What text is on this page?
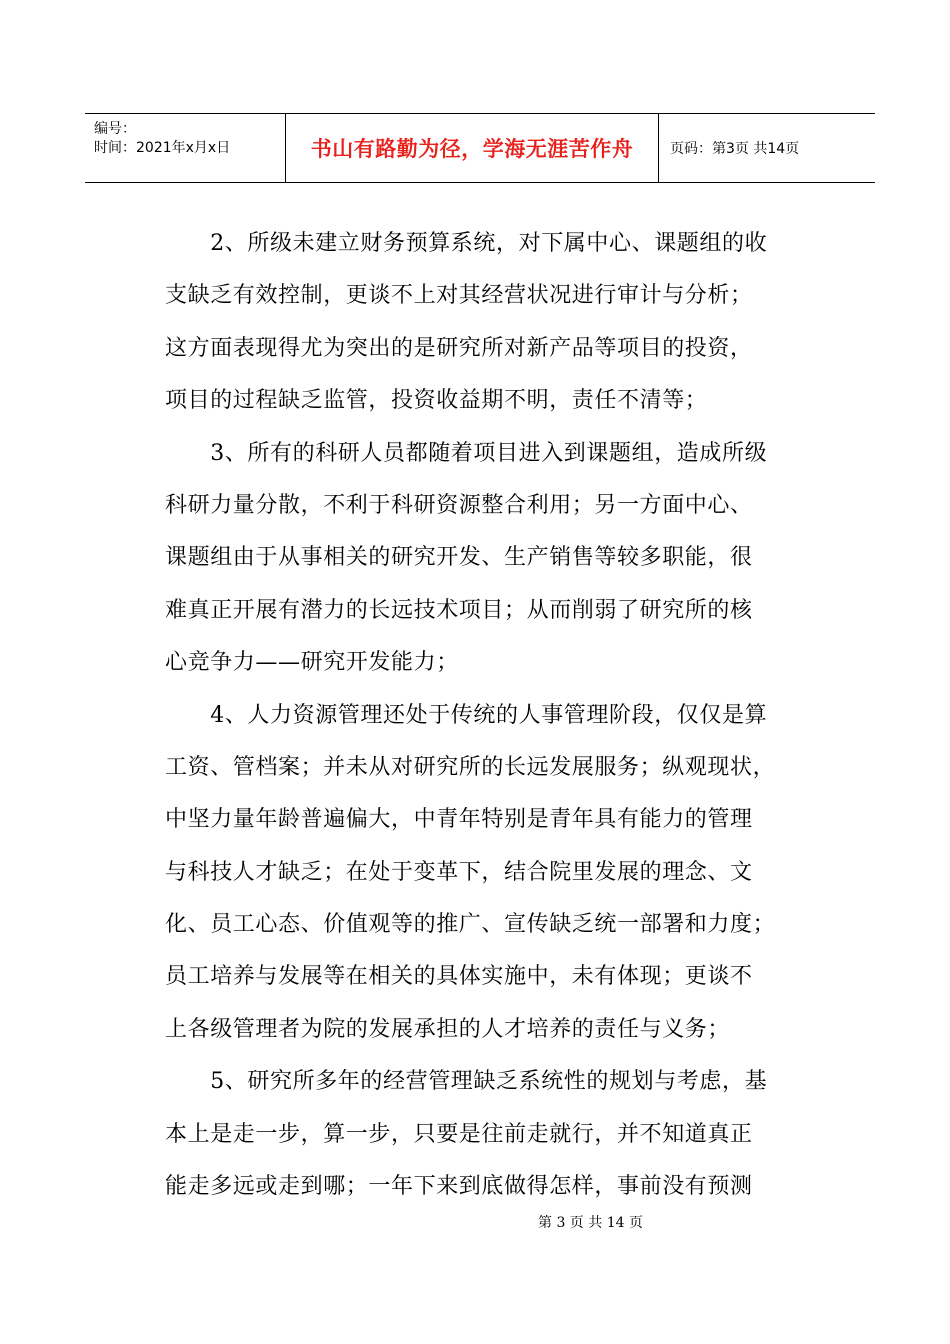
编号：
时间：2021年x月x日	书山有路勤为径，学海无涯苦作舟	页码：第3页 共14页
　　2、所级未建立财务预算系统，对下属中心、课题组的收
支缺乏有效控制，更谈不上对其经营状况进行审计与分析；
这方面表现得尤为突出的是研究所对新产品等项目的投资，
项目的过程缺乏监管，投资收益期不明，责任不清等；
　　3、所有的科研人员都随着项目进入到课题组，造成所级
科研力量分散，不利于科研资源整合利用；另一方面中心、
课题组由于从事相关的研究开发、生产销售等较多职能，很
难真正开展有潜力的长远技术项目；从而削弱了研究所的核
心竞争力——研究开发能力；
　　4、人力资源管理还处于传统的人事管理阶段，仅仅是算
工资、管档案；并未从对研究所的长远发展服务；纵观现状，
中坚力量年龄普遍偏大，中青年特别是青年具有能力的管理
与科技人才缺乏；在处于变革下，结合院里发展的理念、文
化、员工心态、价值观等的推广、宣传缺乏统一部署和力度；
员工培养与发展等在相关的具体实施中，未有体现；更谈不
上各级管理者为院的发展承担的人才培养的责任与义务；
　　5、研究所多年的经营管理缺乏系统性的规划与考虑，基
本上是走一步，算一步，只要是往前走就行，并不知道真正
能走多远或走到哪；一年下来到底做得怎样，事前没有预测
第 3 页 共 14 页
